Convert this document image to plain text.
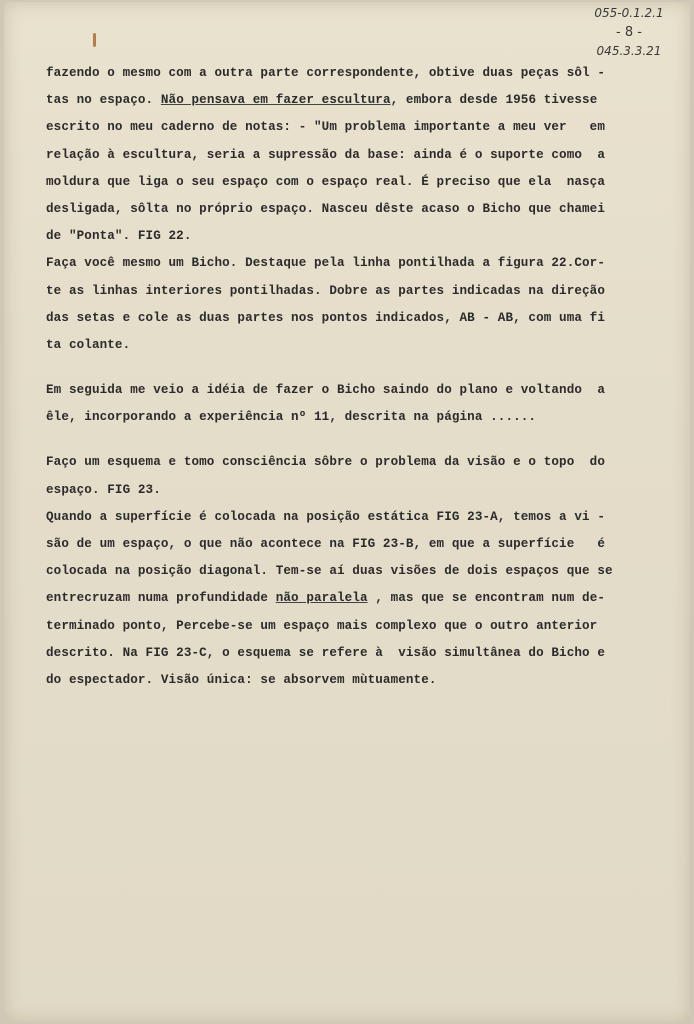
055-0.1.2.1
- 8 -
045.3.3.21
fazendo o mesmo com a outra parte correspondente, obtive duas peças sôl -
tas no espaço. Não pensava em fazer escultura, embora desde 1956 tivesse
escrito no meu caderno de notas: - "Um problema importante a meu ver   em
relação à escultura, seria a supressão da base: ainda é o suporte como  a
moldura que liga o seu espaço com o espaço real. É preciso que ela  nasça
desligada, sôlta no próprio espaço. Nasceu dêste acaso o Bicho que chamei
de "Ponta". FIG 22.
Faça você mesmo um Bicho. Destaque pela linha pontilhada a figura 22.Cor-
te as linhas interiores pontilhadas. Dobre as partes indicadas na direção
das setas e cole as duas partes nos pontos indicados, AB - AB, com uma fi
ta colante.
Em seguida me veio a idéia de fazer o Bicho saindo do plano e voltando  a
êle, incorporando a experiência nº 11, descrita na página ......
Faço um esquema e tomo consciência sôbre o problema da visão e o topo  do
espaço. FIG 23.
Quando a superfície é colocada na posição estática FIG 23-A, temos a vi -
são de um espaço, o que não acontece na FIG 23-B, em que a superfície   é
colocada na posição diagonal. Tem-se aí duas visões de dois espaços que se
entrecruzam numa profundidade não paralela , mas que se encontram num de-
terminado ponto, Percebe-se um espaço mais complexo que o outro anterior
descrito. Na FIG 23-C, o esquema se refere à  visão simultânea do Bicho e
do espectador. Visão única: se absorvem mùtuamente.
